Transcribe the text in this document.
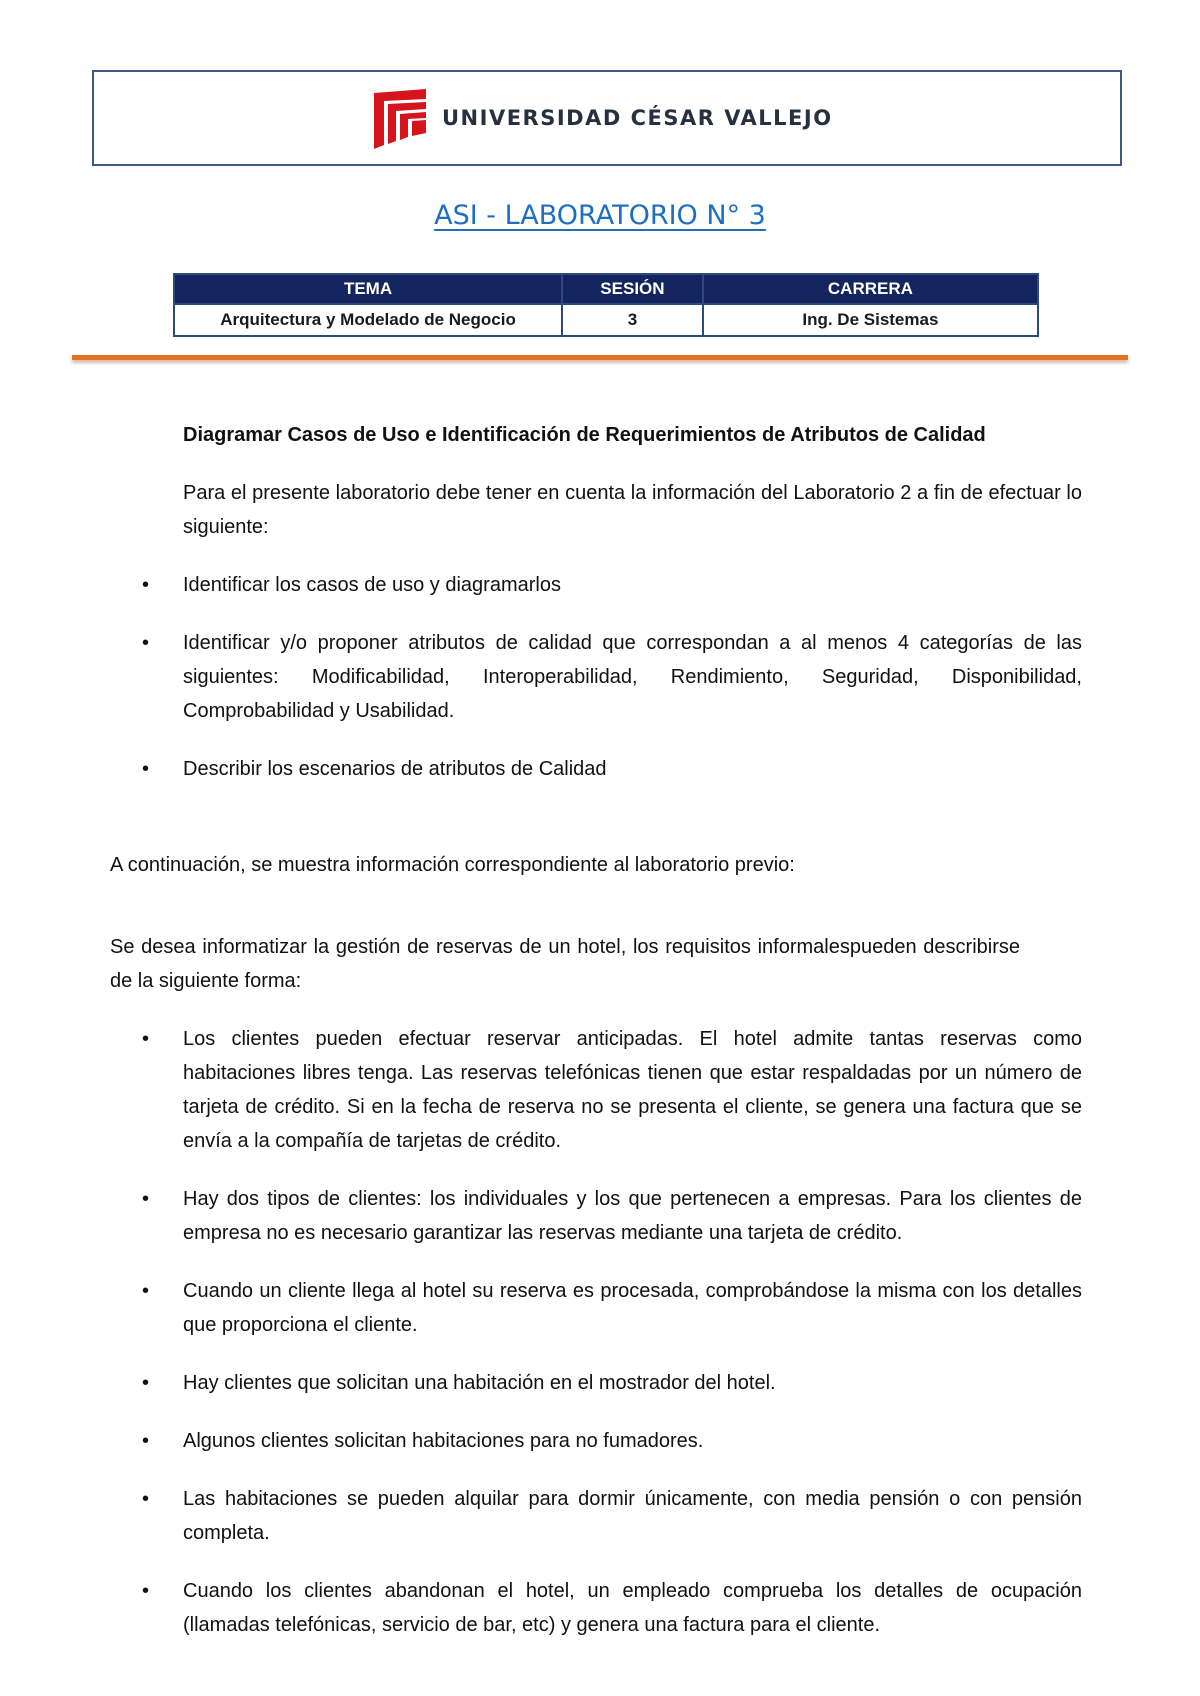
UNIVERSIDAD CÉSAR VALLEJO
ASI - LABORATORIO N° 3
TEMA	SESIÓN	CARRERA
Arquitectura y Modelado de Negocio	3	Ing. De Sistemas

Diagramar Casos de Uso e Identificación de Requerimientos de Atributos de Calidad

Para el presente laboratorio debe tener en cuenta la información del Laboratorio 2 a fin de efectuar lo siguiente:

• Identificar los casos de uso y diagramarlos
• Identificar y/o proponer atributos de calidad que correspondan a al menos 4 categorías de las siguientes: Modificabilidad, Interoperabilidad, Rendimiento, Seguridad, Disponibilidad, Comprobabilidad y Usabilidad.
• Describir los escenarios de atributos de Calidad

A continuación, se muestra información correspondiente al laboratorio previo:

Se desea informatizar la gestión de reservas de un hotel, los requisitos informalespueden describirse de la siguiente forma:

• Los clientes pueden efectuar reservar anticipadas. El hotel admite tantas reservas como habitaciones libres tenga. Las reservas telefónicas tienen que estar respaldadas por un número de tarjeta de crédito. Si en la fecha de reserva no se presenta el cliente, se genera una factura que se envía a la compañía de tarjetas de crédito.
• Hay dos tipos de clientes: los individuales y los que pertenecen a empresas. Para los clientes de empresa no es necesario garantizar las reservas mediante una tarjeta de crédito.
• Cuando un cliente llega al hotel su reserva es procesada, comprobándose la misma con los detalles que proporciona el cliente.
• Hay clientes que solicitan una habitación en el mostrador del hotel.
• Algunos clientes solicitan habitaciones para no fumadores.
• Las habitaciones se pueden alquilar para dormir únicamente, con media pensión o con pensión completa.
• Cuando los clientes abandonan el hotel, un empleado comprueba los detalles de ocupación (llamadas telefónicas, servicio de bar, etc) y genera una factura para el cliente.
